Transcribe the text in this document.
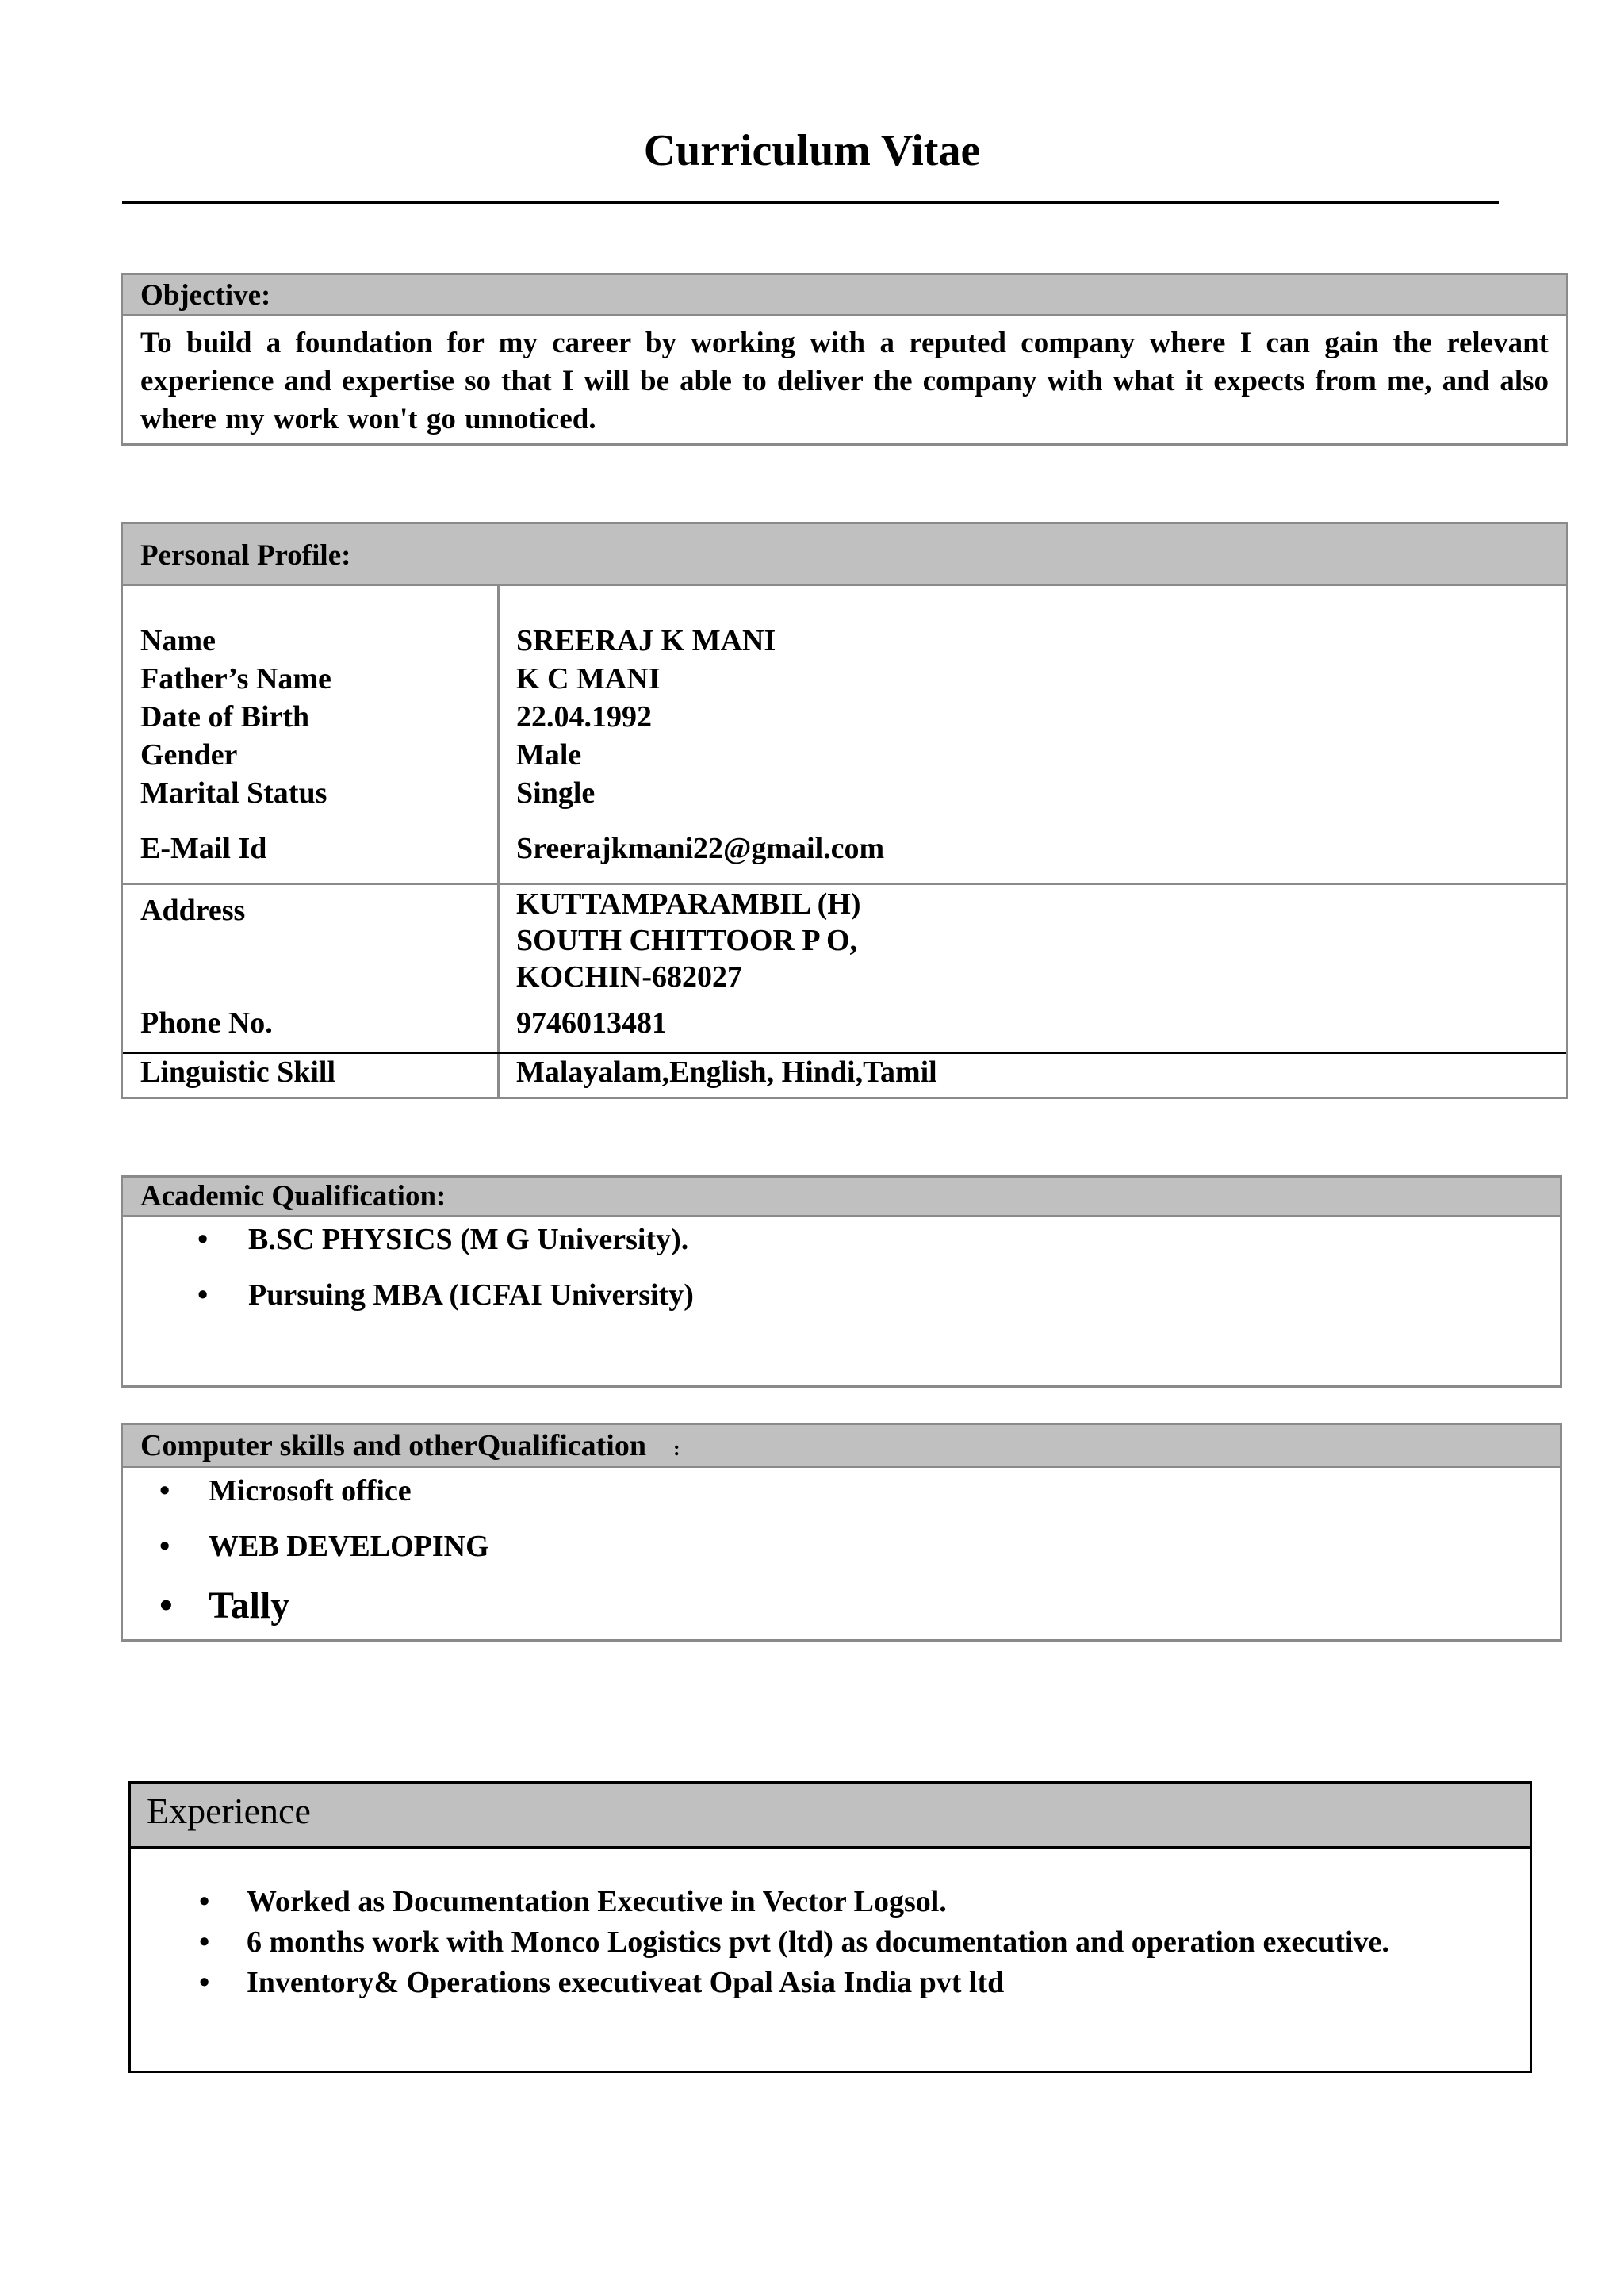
Curriculum Vitae
Objective:
To build a foundation for my career by working with a reputed company where I can gain the relevant experience and expertise so that I will be able to deliver the company with what it expects from me, and also where my work won't go unnoticed.
Personal Profile:
Name	SREERAJ K MANI
Father’s Name	K C MANI
Date of Birth	22.04.1992
Gender	Male
Marital Status	Single
E-Mail Id	Sreerajkmani22@gmail.com
Address	KUTTAMPARAMBIL (H)
SOUTH CHITTOOR P O,
KOCHIN-682027
Phone No.	9746013481
Linguistic Skill	Malayalam,English, Hindi,Tamil
Academic Qualification:
• B.SC PHYSICS (M G University).
• Pursuing MBA (ICFAI University)
Computer skills and otherQualification :
• Microsoft office
• WEB DEVELOPING
• Tally
Experience
• Worked as Documentation Executive in Vector Logsol.
• 6 months work with Monco Logistics pvt (ltd) as documentation and operation executive.
• Inventory& Operations executiveat Opal Asia India pvt ltd
